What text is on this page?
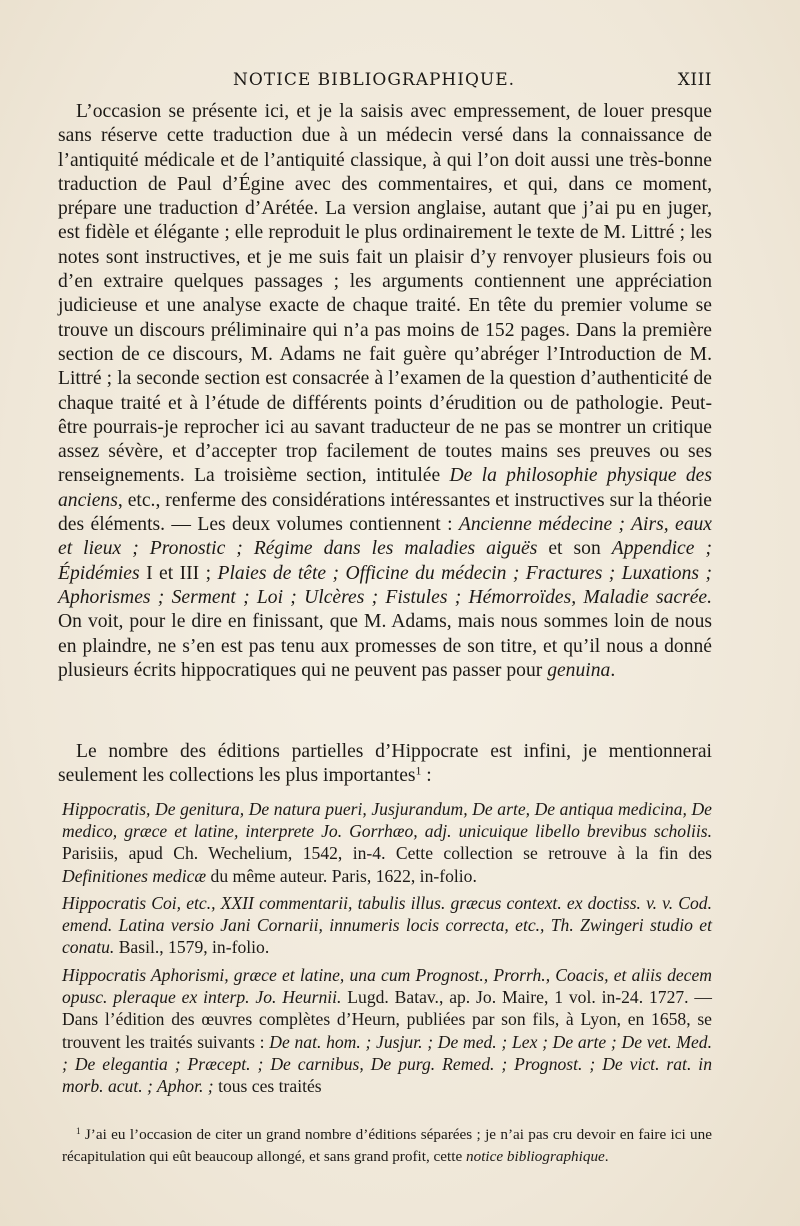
NOTICE BIBLIOGRAPHIQUE.	XIII

L’occasion se présente ici, et je la saisis avec empressement, de louer presque sans réserve cette traduction due à un médecin versé dans la connaissance de l’antiquité médicale et de l’antiquité classique, à qui l’on doit aussi une très-bonne traduction de Paul d’Égine avec des commentaires, et qui, dans ce moment, prépare une traduction d’Arétée. La version anglaise, autant que j’ai pu en juger, est fidèle et élégante ; elle reproduit le plus ordinairement le texte de M. Littré ; les notes sont instructives, et je me suis fait un plaisir d’y renvoyer plusieurs fois ou d’en extraire quelques passages ; les arguments contiennent une appréciation judicieuse et une analyse exacte de chaque traité. En tête du premier volume se trouve un discours préliminaire qui n’a pas moins de 152 pages. Dans la première section de ce discours, M. Adams ne fait guère qu’abréger l’Introduction de M. Littré ; la seconde section est consacrée à l’examen de la question d’authenticité de chaque traité et à l’étude de différents points d’érudition ou de pathologie. Peut-être pourrais-je reprocher ici au savant traducteur de ne pas se montrer un critique assez sévère, et d’accepter trop facilement de toutes mains ses preuves ou ses renseignements. La troisième section, intitulée De la philosophie physique des anciens, etc., renferme des considérations intéressantes et instructives sur la théorie des éléments. — Les deux volumes contiennent : Ancienne médecine ; Airs, eaux et lieux ; Pronostic ; Régime dans les maladies aiguës et son Appendice ; Épidémies I et III ; Plaies de tête ; Officine du médecin ; Fractures ; Luxations ; Aphorismes ; Serment ; Loi ; Ulcères ; Fistules ; Hémorroïdes, Maladie sacrée. On voit, pour le dire en finissant, que M. Adams, mais nous sommes loin de nous en plaindre, ne s’en est pas tenu aux promesses de son titre, et qu’il nous a donné plusieurs écrits hippocratiques qui ne peuvent pas passer pour genuina.

Le nombre des éditions partielles d’Hippocrate est infini, je mentionnerai seulement les collections les plus importantes$^1$ :

Hippocratis, De genitura, De natura pueri, Jusjurandum, De arte, De antiqua medicina, De medico, græce et latine, interprete Jo. Gorrhæo, adj. unicuique libello brevibus scholiis. Parisiis, apud Ch. Wechelium, 1542, in-4. Cette collection se retrouve à la fin des Definitiones medicæ du même auteur. Paris, 1622, in-folio.

Hippocratis Coi, etc., XXII commentarii, tabulis illus. græcus context. ex doctiss. v. v. Cod. emend. Latina versio Jani Cornarii, innumeris locis correcta, etc., Th. Zwingeri studio et conatu. Basil., 1579, in-folio.

Hippocratis Aphorismi, græce et latine, una cum Prognost., Prorrh., Coacis, et aliis decem opusc. pleraque ex interp. Jo. Heurnii. Lugd. Batav., ap. Jo. Maire, 1 vol. in-24. 1727. — Dans l’édition des œuvres complètes d’Heurn, publiées par son fils, à Lyon, en 1658, se trouvent les traités suivants : De nat. hom. ; Jusjur. ; De med. ; Lex ; De arte ; De vet. Med. ; De elegantia ; Præcept. ; De carnibus, De purg. Remed. ; Prognost. ; De vict. rat. in morb. acut. ; Aphor. ; tous ces traités

$^1$ J’ai eu l’occasion de citer un grand nombre d’éditions séparées ; je n’ai pas cru devoir en faire ici une récapitulation qui eût beaucoup allongé, et sans grand profit, cette notice bibliographique.
